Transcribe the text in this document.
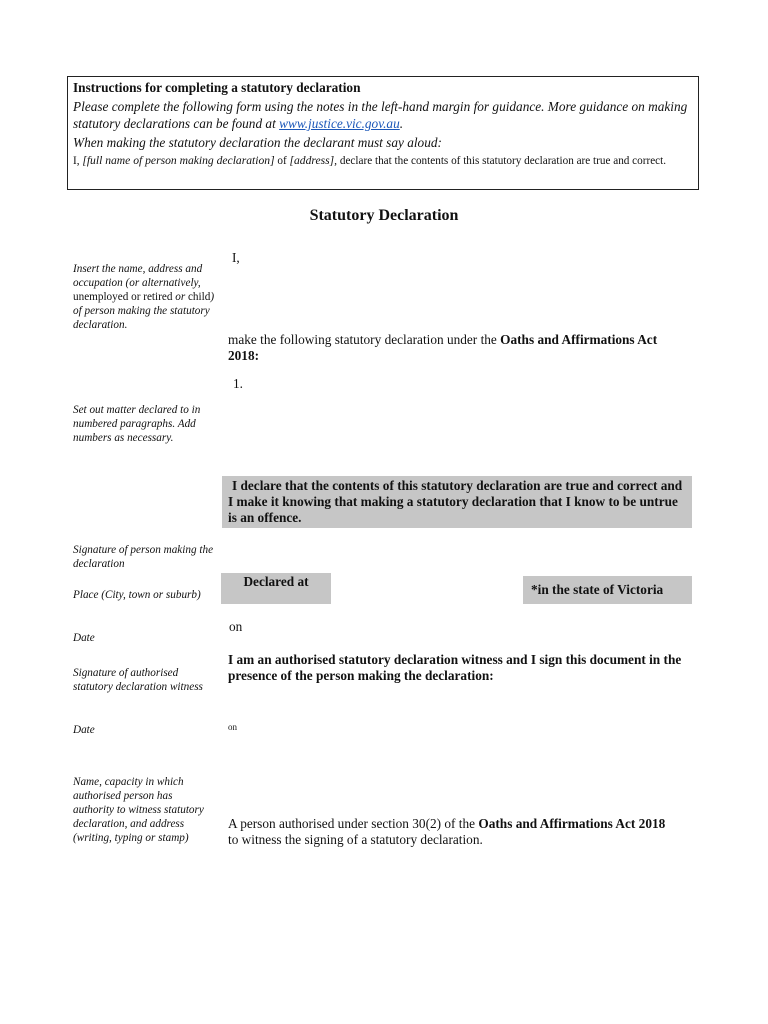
Instructions for completing a statutory declaration
Please complete the following form using the notes in the left-hand margin for guidance. More guidance on making statutory declarations can be found at www.justice.vic.gov.au.
When making the statutory declaration the declarant must say aloud:
I, [full name of person making declaration] of [address], declare that the contents of this statutory declaration are true and correct.
Statutory Declaration
Insert the name, address and occupation (or alternatively, unemployed or retired or child) of person making the statutory declaration.
Set out matter declared to in numbered paragraphs. Add numbers as necessary.
Signature of person making the declaration
Place (City, town or suburb)
Date
Signature of authorised statutory declaration witness
Date
Name, capacity in which authorised person has authority to witness statutory declaration, and address (writing, typing or stamp)
I,
make the following statutory declaration under the Oaths and Affirmations Act 2018:
1.
I declare that the contents of this statutory declaration are true and correct and I make it knowing that making a statutory declaration that I know to be untrue is an offence.
Declared at
*in the state of Victoria
on
I am an authorised statutory declaration witness and I sign this document in the presence of the person making the declaration:
on
A person authorised under section 30(2) of the Oaths and Affirmations Act 2018 to witness the signing of a statutory declaration.
